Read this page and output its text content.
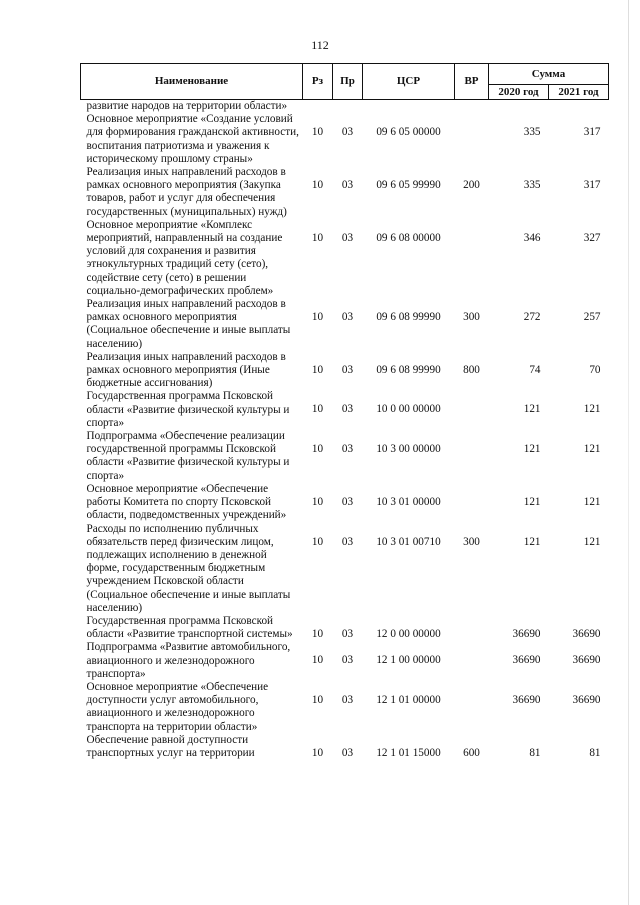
112
Наименование	Рз	Пр	ЦСР	ВР	Сумма	
					2020 год	2021 год
развитие народов на территории области»						
Основное мероприятие «Создание условий для формирования гражданской активности, воспитания патриотизма и уважения к историческому прошлому страны»	10	03	09 6 05 00000		335	317
Реализация иных направлений расходов в рамках основного мероприятия (Закупка товаров, работ и услуг для обеспечения государственных (муниципальных) нужд)	10	03	09 6 05 99990	200	335	317
Основное мероприятие «Комплекс мероприятий, направленный на создание условий для сохранения и развития этнокультурных традиций сету (сето), содействие сету (сето) в решении социально-демографических проблем»	10	03	09 6 08 00000		346	327
Реализация иных направлений расходов в рамках основного мероприятия (Социальное обеспечение и иные выплаты населению)	10	03	09 6 08 99990	300	272	257
Реализация иных направлений расходов в рамках основного мероприятия (Иные бюджетные ассигнования)	10	03	09 6 08 99990	800	74	70
Государственная программа Псковской области «Развитие физической культуры и спорта»	10	03	10 0 00 00000		121	121
Подпрограмма «Обеспечение реализации государственной программы Псковской области «Развитие физической культуры и спорта»	10	03	10 3 00 00000		121	121
Основное мероприятие «Обеспечение работы Комитета по спорту Псковской области, подведомственных учреждений»	10	03	10 3 01 00000		121	121
Расходы по исполнению публичных обязательств перед физическим лицом, подлежащих исполнению в денежной форме, государственным бюджетным учреждением Псковской области (Социальное обеспечение и иные выплаты населению)	10	03	10 3 01 00710	300	121	121
Государственная программа Псковской области «Развитие транспортной системы»	10	03	12 0 00 00000		36690	36690
Подпрограмма «Развитие автомобильного, авиационного и железнодорожного транспорта»	10	03	12 1 00 00000		36690	36690
Основное мероприятие «Обеспечение доступности услуг автомобильного, авиационного и железнодорожного транспорта на территории области»	10	03	12 1 01 00000		36690	36690
Обеспечение равной доступности транспортных услуг на территории	10	03	12 1 01 15000	600	81	81
